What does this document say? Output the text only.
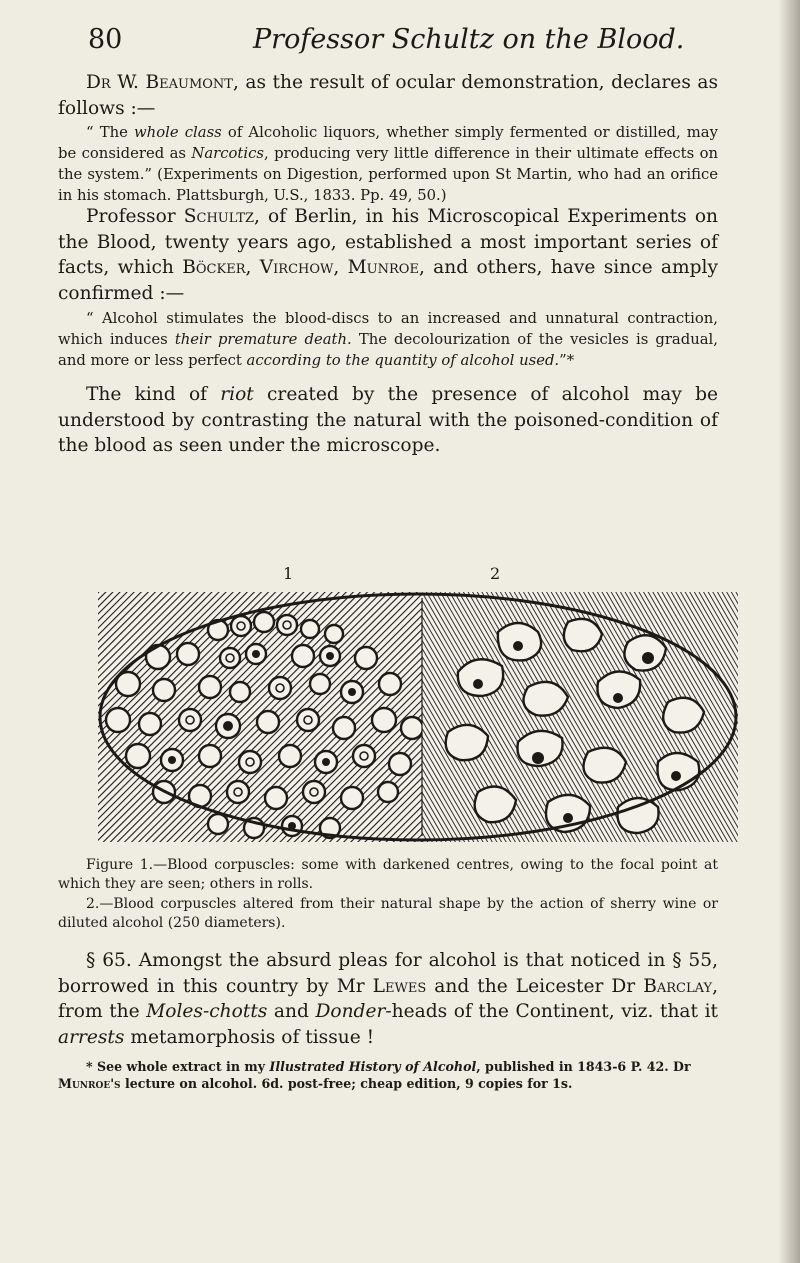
80	Professor Schultz on the Blood.

Dr W. Beaumont, as the result of ocular demonstration, declares as follows :—

“ The whole class of Alcoholic liquors, whether simply fermented or distilled, may be considered as Narcotics, producing very little difference in their ultimate effects on the system.” (Experiments on Digestion, performed upon St Martin, who had an orifice in his stomach. Plattsburgh, U.S., 1833. Pp. 49, 50.)

Professor Schultz, of Berlin, in his Microscopical Experiments on the Blood, twenty years ago, established a most important series of facts, which Böcker, Virchow, Munroe, and others, have since amply confirmed :—

“ Alcohol stimulates the blood-discs to an increased and unnatural contraction, which induces their premature death. The decolourization of the vesicles is gradual, and more or less perfect according to the quantity of alcohol used.”*

The kind of riot created by the presence of alcohol may be understood by contrasting the natural with the poisoned-condition of the blood as seen under the microscope.

1	2

Figure 1.—Blood corpuscles: some with darkened centres, owing to the focal point at which they are seen; others in rolls.

2.—Blood corpuscles altered from their natural shape by the action of sherry wine or diluted alcohol (250 diameters).

§ 65. Amongst the absurd pleas for alcohol is that noticed in § 55, borrowed in this country by Mr Lewes and the Leicester Dr Barclay, from the Moles-chotts and Donder-heads of the Continent, viz. that it arrests metamorphosis of tissue !

* See whole extract in my Illustrated History of Alcohol, published in 1843-6 P. 42. Dr Munroe's lecture on alcohol. 6d. post-free; cheap edition, 9 copies for 1s.
